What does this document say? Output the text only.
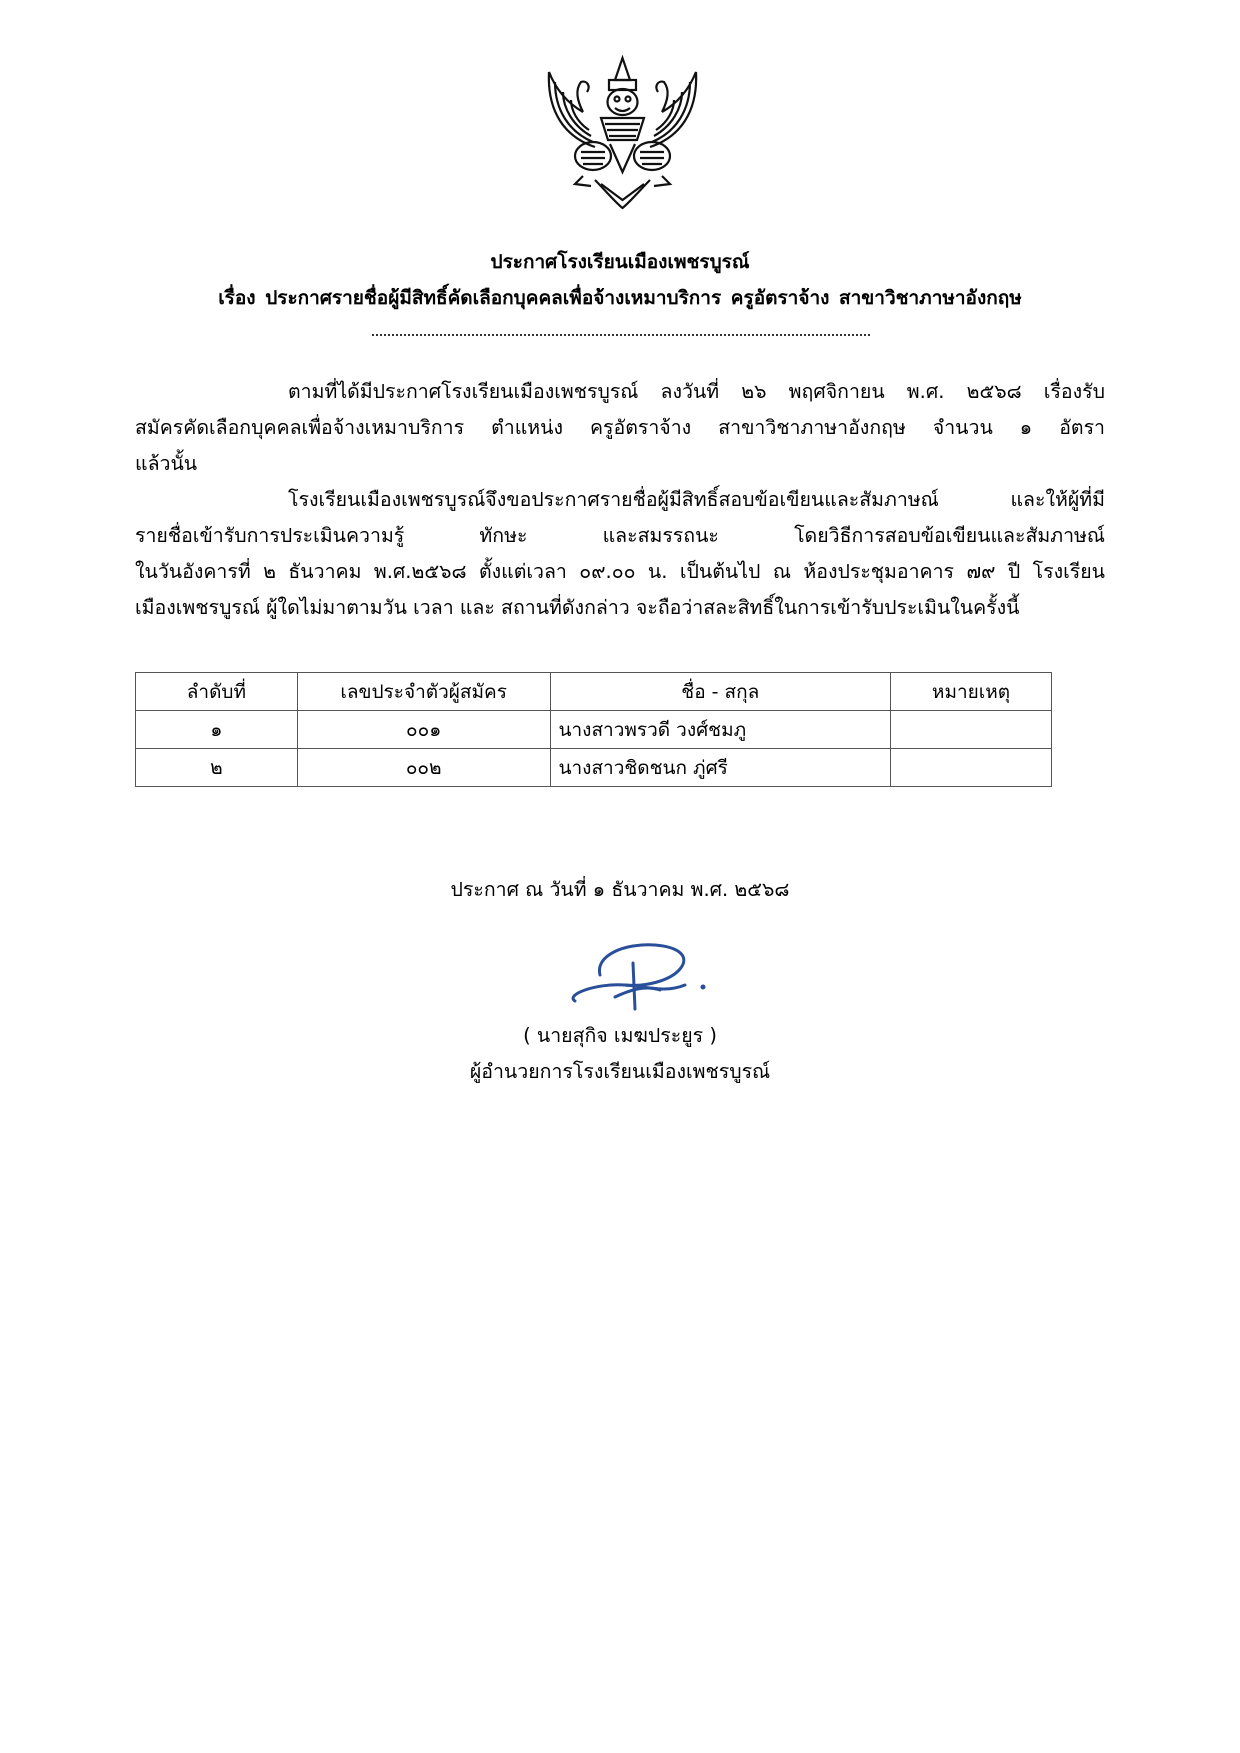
ประกาศโรงเรียนเมืองเพชรบูรณ์
เรื่อง ประกาศรายชื่อผู้มีสิทธิ์คัดเลือกบุคคลเพื่อจ้างเหมาบริการ ครูอัตราจ้าง สาขาวิชาภาษาอังกฤษ
ตามที่ได้มีประกาศโรงเรียนเมืองเพชรบูรณ์ ลงวันที่ ๒๖ พฤศจิกายน พ.ศ. ๒๕๖๘ เรื่องรับ
สมัครคัดเลือกบุคคลเพื่อจ้างเหมาบริการ ตำแหน่ง ครูอัตราจ้าง สาขาวิชาภาษาอังกฤษ จำนวน ๑ อัตรา
แล้วนั้น
โรงเรียนเมืองเพชรบูรณ์จึงขอประกาศรายชื่อผู้มีสิทธิ์สอบข้อเขียนและสัมภาษณ์ และให้ผู้ที่มี
รายชื่อเข้ารับการประเมินความรู้ ทักษะ และสมรรถนะ โดยวิธีการสอบข้อเขียนและสัมภาษณ์
ในวันอังคารที่ ๒ ธันวาคม พ.ศ.๒๕๖๘ ตั้งแต่เวลา ๐๙.๐๐ น. เป็นต้นไป ณ ห้องประชุมอาคาร ๗๙ ปี โรงเรียน
เมืองเพชรบูรณ์ ผู้ใดไม่มาตามวัน เวลา และ สถานที่ดังกล่าว จะถือว่าสละสิทธิ์ในการเข้ารับประเมินในครั้งนี้
ลำดับที่	เลขประจำตัวผู้สมัคร	ชื่อ - สกุล	หมายเหตุ
๑	๐๐๑	นางสาวพรวดี วงศ์ชมภู	
๒	๐๐๒	นางสาวชิดชนก ภู่ศรี	
ประกาศ ณ วันที่ ๑ ธันวาคม พ.ศ. ๒๕๖๘
( นายสุกิจ เมฆประยูร )
ผู้อำนวยการโรงเรียนเมืองเพชรบูรณ์
